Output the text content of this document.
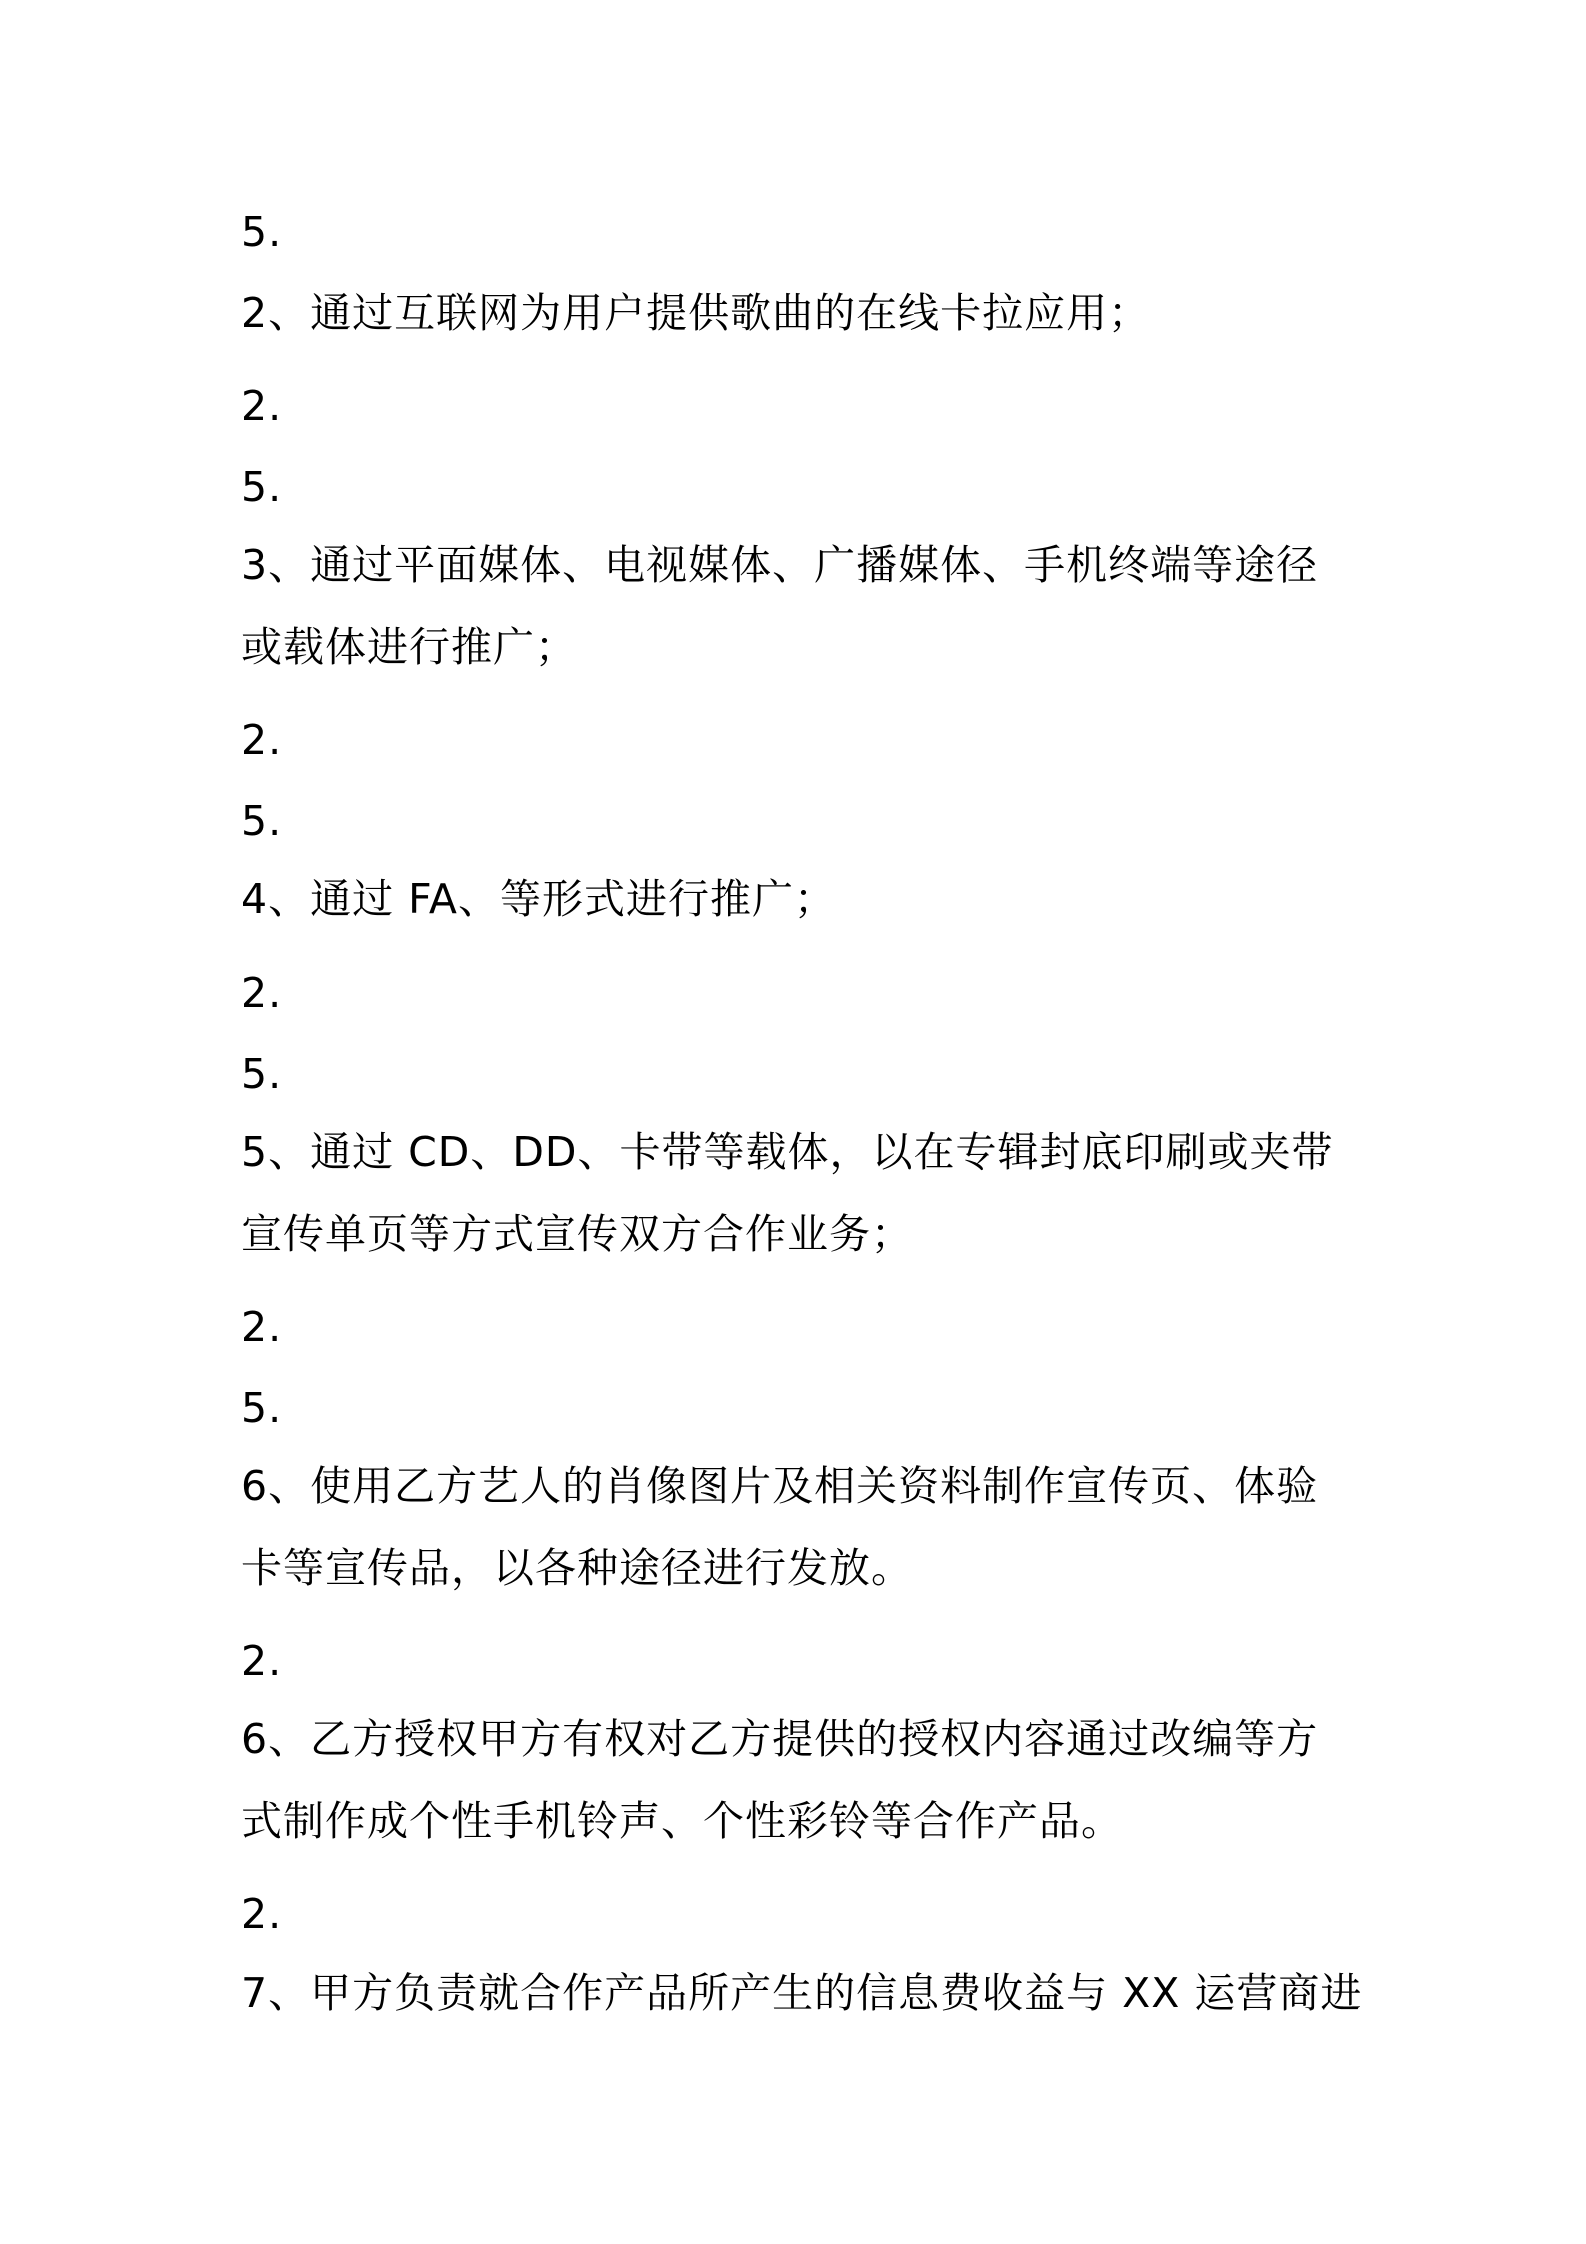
5.
2、通过互联网为用户提供歌曲的在线卡拉应用；
2.
5.
3、通过平面媒体、电视媒体、广播媒体、手机终端等途径
或载体进行推广；
2.
5.
4、通过 FA、等形式进行推广；
2.
5.
5、通过 CD、DD、卡带等载体，以在专辑封底印刷或夹带
宣传单页等方式宣传双方合作业务；
2.
5.
6、使用乙方艺人的肖像图片及相关资料制作宣传页、体验
卡等宣传品，以各种途径进行发放。
2.
6、乙方授权甲方有权对乙方提供的授权内容通过改编等方
式制作成个性手机铃声、个性彩铃等合作产品。
2.
7、甲方负责就合作产品所产生的信息费收益与 XX 运营商进
